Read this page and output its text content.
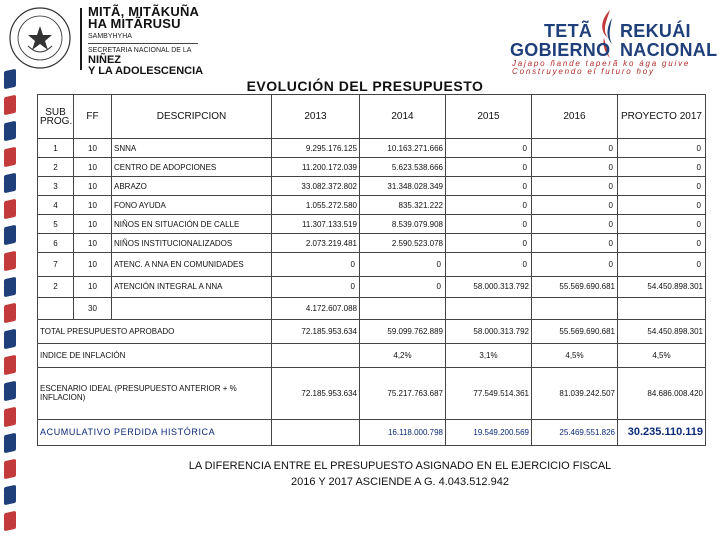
MITÃ, MITÃKUÑA
HA MITÃRUSU
SAMBYHYHA
SECRETARIA NACIONAL DE LA
NIÑEZ
Y LA ADOLESCENCIA
TETÃ REKUÁI
GOBIERNO NACIONAL
Jajapo ñande taperã ko ága guive
Construyendo el futuro hoy
EVOLUCIÓN DEL PRESUPUESTO
SUB PROG.	FF	DESCRIPCION	2013	2014	2015	2016	PROYECTO 2017
1	10	SNNA	9.295.176.125	10.163.271.666	0	0	0
2	10	CENTRO DE ADOPCIONES	11.200.172.039	5.623.538.666	0	0	0
3	10	ABRAZO	33.082.372.802	31.348.028.349	0	0	0
4	10	FONO AYUDA	1.055.272.580	835.321.222	0	0	0
5	10	NIÑOS EN SITUACIÓN DE CALLE	11.307.133.519	8.539.079.908	0	0	0
6	10	NIÑOS INSTITUCIONALIZADOS	2.073.219.481	2.590.523.078	0	0	0
7	10	ATENC. A NNA EN COMUNIDADES	0	0	0	0	0
2	10	ATENCIÓN INTEGRAL A NNA	0	0	58.000.313.792	55.569.690.681	54.450.898.301
	30		4.172.607.088				
TOTAL PRESUPUESTO APROBADO			72.185.953.634	59.099.762.889	58.000.313.792	55.569.690.681	54.450.898.301
INDICE DE INFLACIÓN				4,2%	3,1%	4,5%	4,5%
ESCENARIO IDEAL (PRESUPUESTO ANTERIOR + % INFLACION)			72.185.953.634	75.217.763.687	77.549.514.361	81.039.242.507	84.686.008.420
ACUMULATIVO PERDIDA HISTÓRICA				16.118.000.798	19.549.200.569	25.469.551.826	30.235.110.119
LA DIFERENCIA ENTRE EL PRESUPUESTO ASIGNADO EN EL EJERCICIO FISCAL
2016 Y 2017 ASCIENDE A G. 4.043.512.942
